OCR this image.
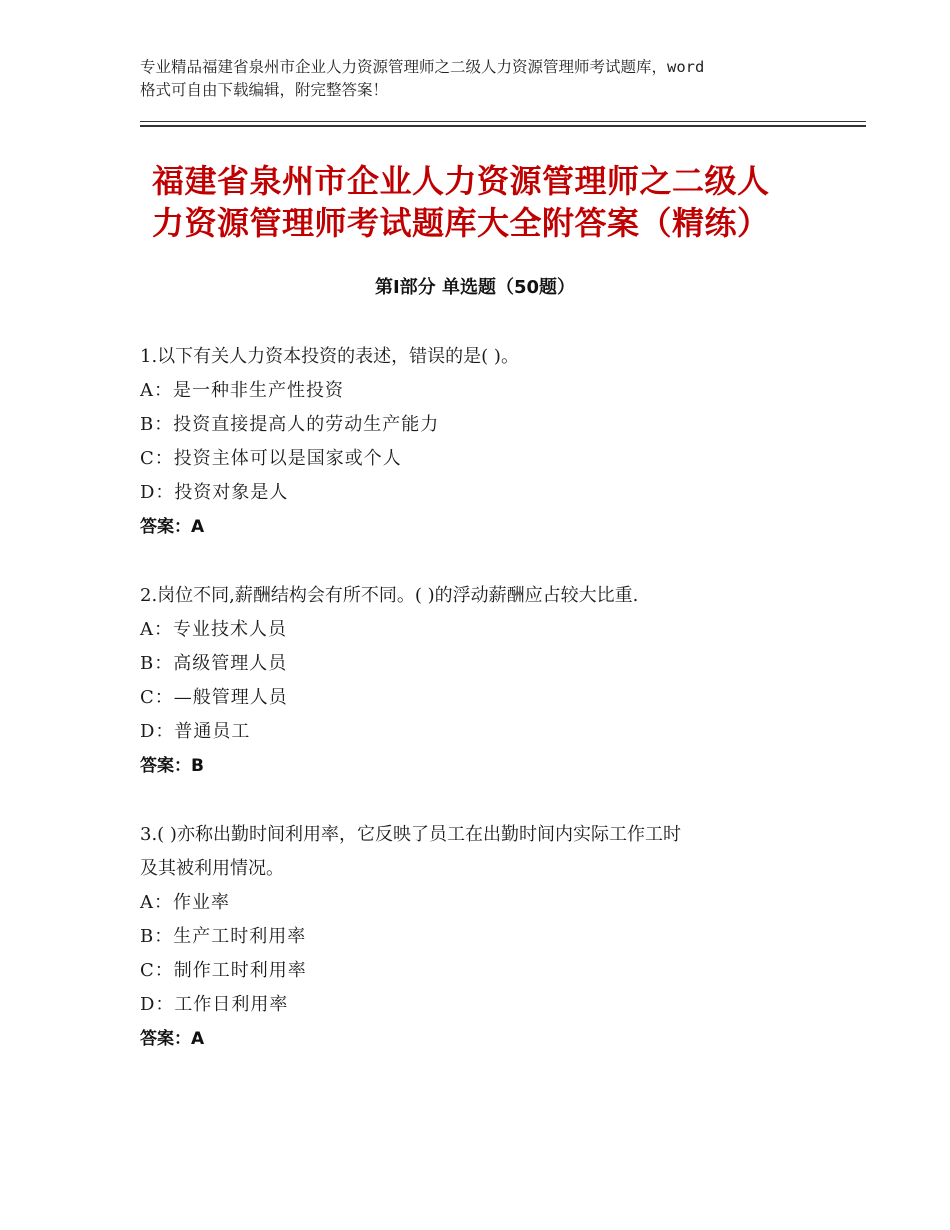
专业精品福建省泉州市企业人力资源管理师之二级人力资源管理师考试题库，word
格式可自由下载编辑，附完整答案！
福建省泉州市企业人力资源管理师之二级人
力资源管理师考试题库大全附答案（精练）
第Ⅰ部分 单选题（50题）
1.以下有关人力资本投资的表述，错误的是( )。
A：是一种非生产性投资
B：投资直接提高人的劳动生产能力
C：投资主体可以是国家或个人
D：投资对象是人
答案：A
2.岗位不同,薪酬结构会有所不同。( )的浮动薪酬应占较大比重.
A：专业技术人员
B：高级管理人员
C：—般管理人员
D：普通员工
答案：B
3.( )亦称出勤时间利用率，它反映了员工在出勤时间内实际工作工时
及其被利用情况。
A：作业率
B：生产工时利用率
C：制作工时利用率
D：工作日利用率
答案：A
